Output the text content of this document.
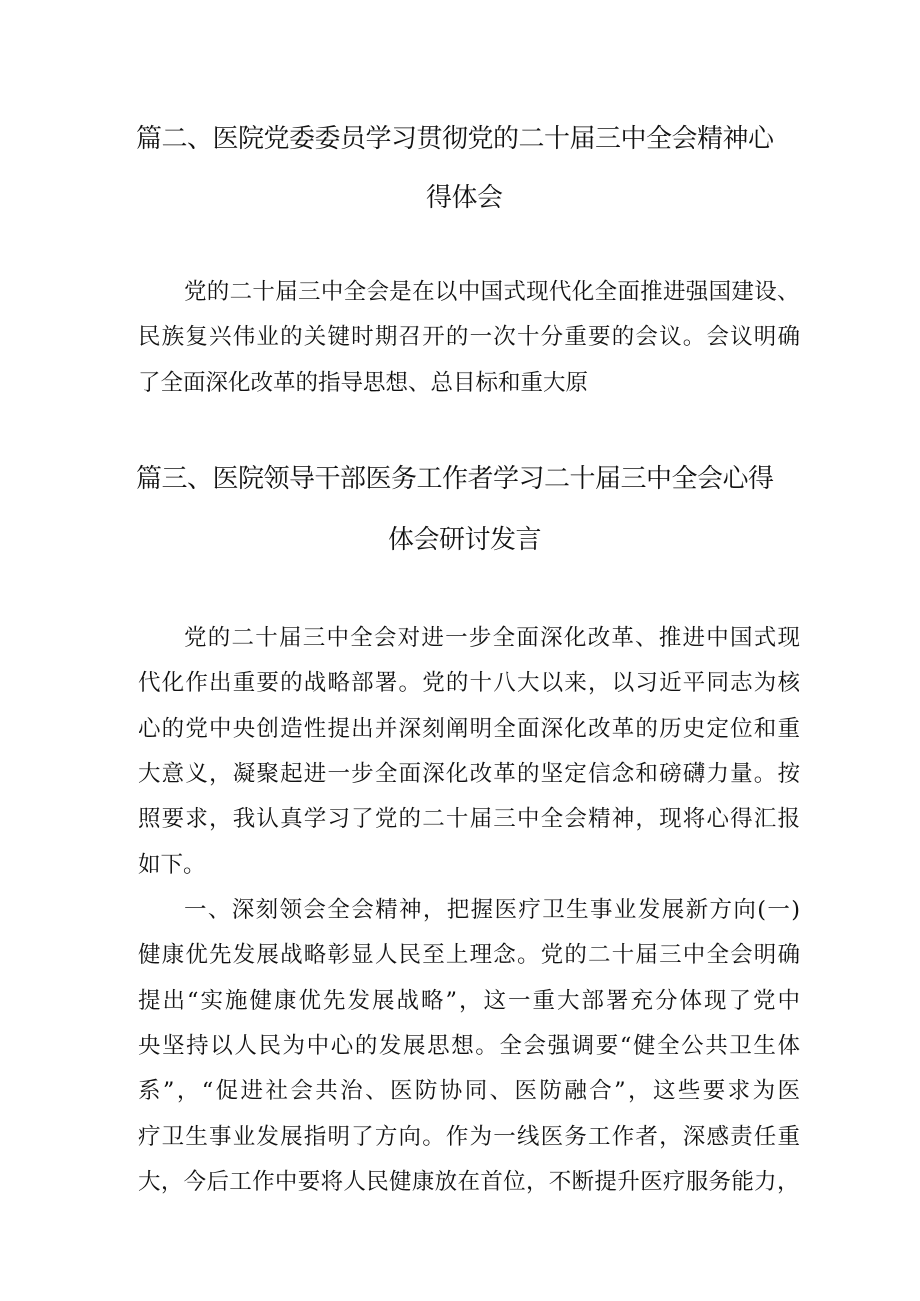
篇二、医院党委委员学习贯彻党的二十届三中全会精神心
得体会
党的二十届三中全会是在以中国式现代化全面推进强国建设、
民族复兴伟业的关键时期召开的一次十分重要的会议。会议明确
了全面深化改革的指导思想、总目标和重大原
篇三、医院领导干部医务工作者学习二十届三中全会心得
体会研讨发言
党的二十届三中全会对进一步全面深化改革、推进中国式现
代化作出重要的战略部署。党的十八大以来，以习近平同志为核
心的党中央创造性提出并深刻阐明全面深化改革的历史定位和重
大意义，凝聚起进一步全面深化改革的坚定信念和磅礴力量。按
照要求，我认真学习了党的二十届三中全会精神，现将心得汇报
如下。
一、深刻领会全会精神，把握医疗卫生事业发展新方向(一)
健康优先发展战略彰显人民至上理念。党的二十届三中全会明确
提出“实施健康优先发展战略”，这一重大部署充分体现了党中
央坚持以人民为中心的发展思想。全会强调要“健全公共卫生体
系”，“促进社会共治、医防协同、医防融合”，这些要求为医
疗卫生事业发展指明了方向。作为一线医务工作者，深感责任重
大，今后工作中要将人民健康放在首位，不断提升医疗服务能力，
